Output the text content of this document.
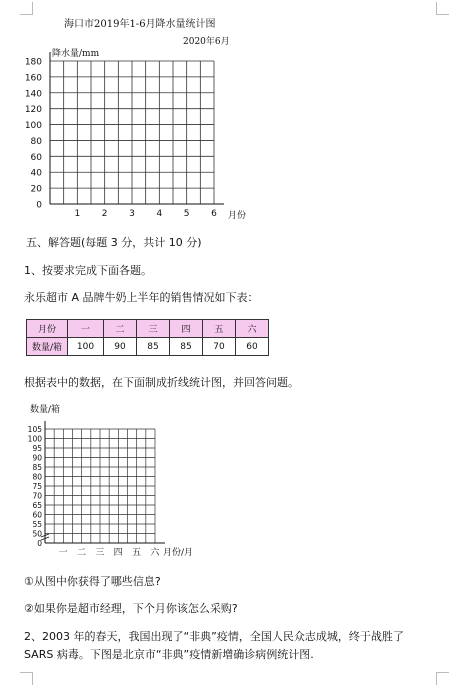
海口市2019年1-6月降水量统计图
2020年6月
降水量/mm
0
20
40
60
80
100
120
140
160
180
1 2 3 4 5 6 月份
五、解答题(每题 3 分，共计 10 分)
1、按要求完成下面各题。
永乐超市 A 品牌牛奶上半年的销售情况如下表：
月份	一	二	三	四	五	六
数量/箱	100	90	85	85	70	60
根据表中的数据，在下面制成折线统计图，并回答问题。
数量/箱
0
50
55
60
65
70
75
80
85
90
95
100
105
一 二 三 四 五 六 月份/月
①从图中你获得了哪些信息?
②如果你是超市经理，下个月你该怎么采购?
2、2003 年的春天，我国出现了“非典”疫情，全国人民众志成城，终于战胜了
SARS 病毒。下图是北京市“非典”疫情新增确诊病例统计图.
